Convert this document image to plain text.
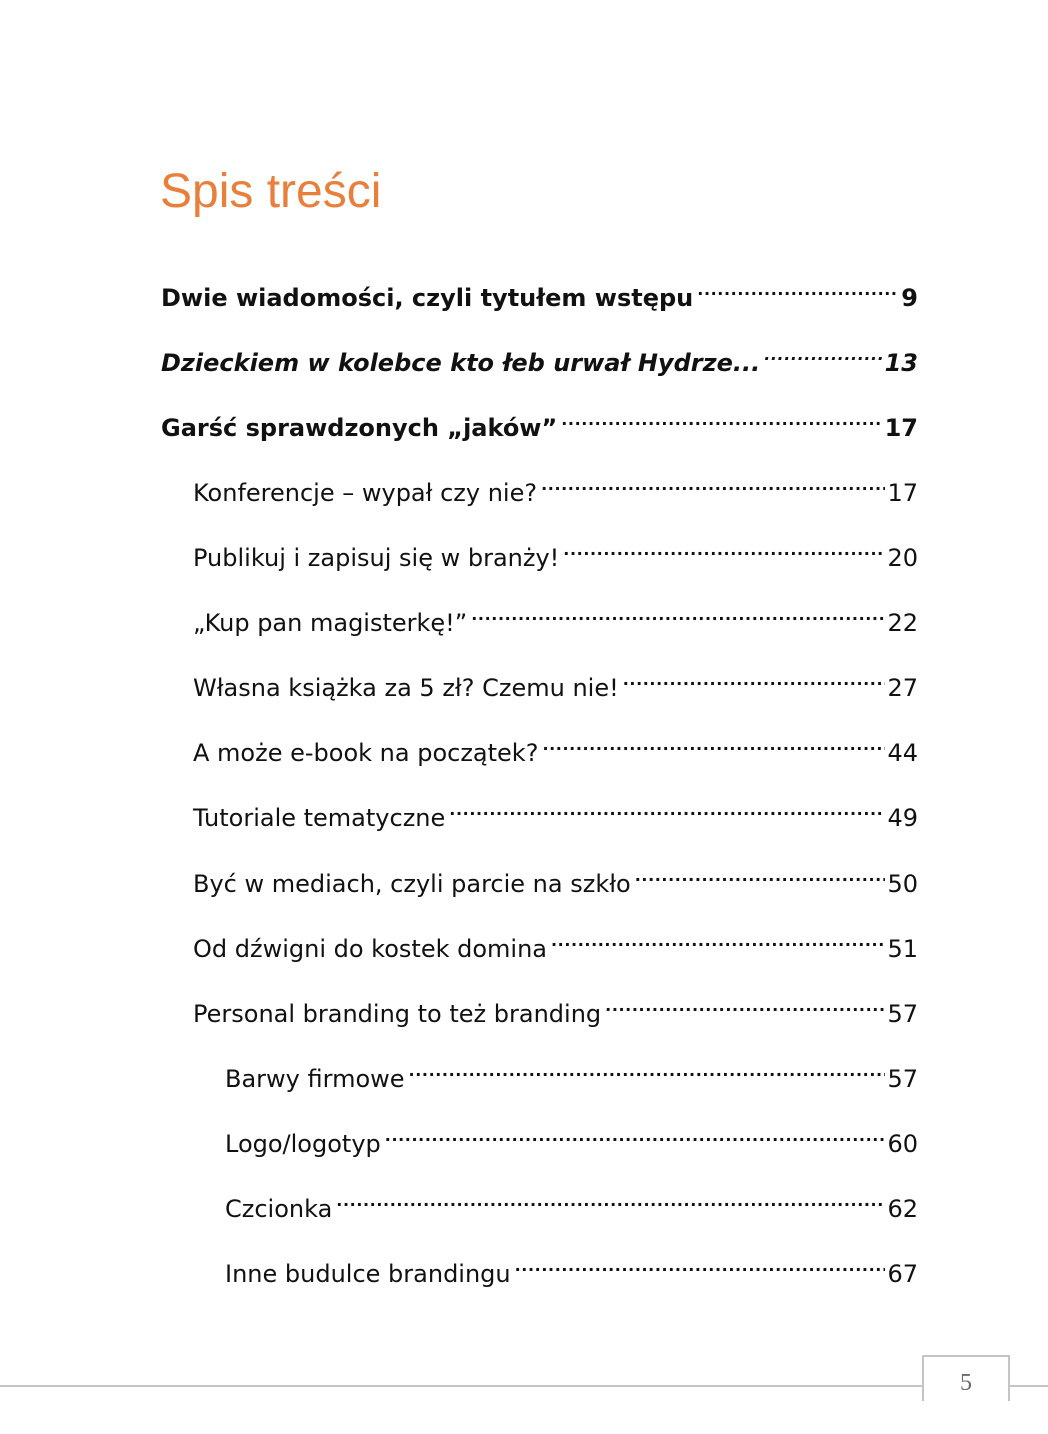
Spis treści
Dwie wiadomości, czyli tytułem wstępu .....	9
Dzieckiem w kolebce kto łeb urwał Hydrze... .....	13
Garść sprawdzonych „jaków” .....	17
Konferencje – wypał czy nie? .....	17
Publikuj i zapisuj się w branży! .....	20
„Kup pan magisterkę!” .....	22
Własna książka za 5 zł? Czemu nie! .....	27
A może e-book na początek? .....	44
Tutoriale tematyczne .....	49
Być w mediach, czyli parcie na szkło .....	50
Od dźwigni do kostek domina .....	51
Personal branding to też branding .....	57
Barwy firmowe .....	57
Logo/logotyp .....	60
Czcionka .....	62
Inne budulce brandingu .....	67
5
